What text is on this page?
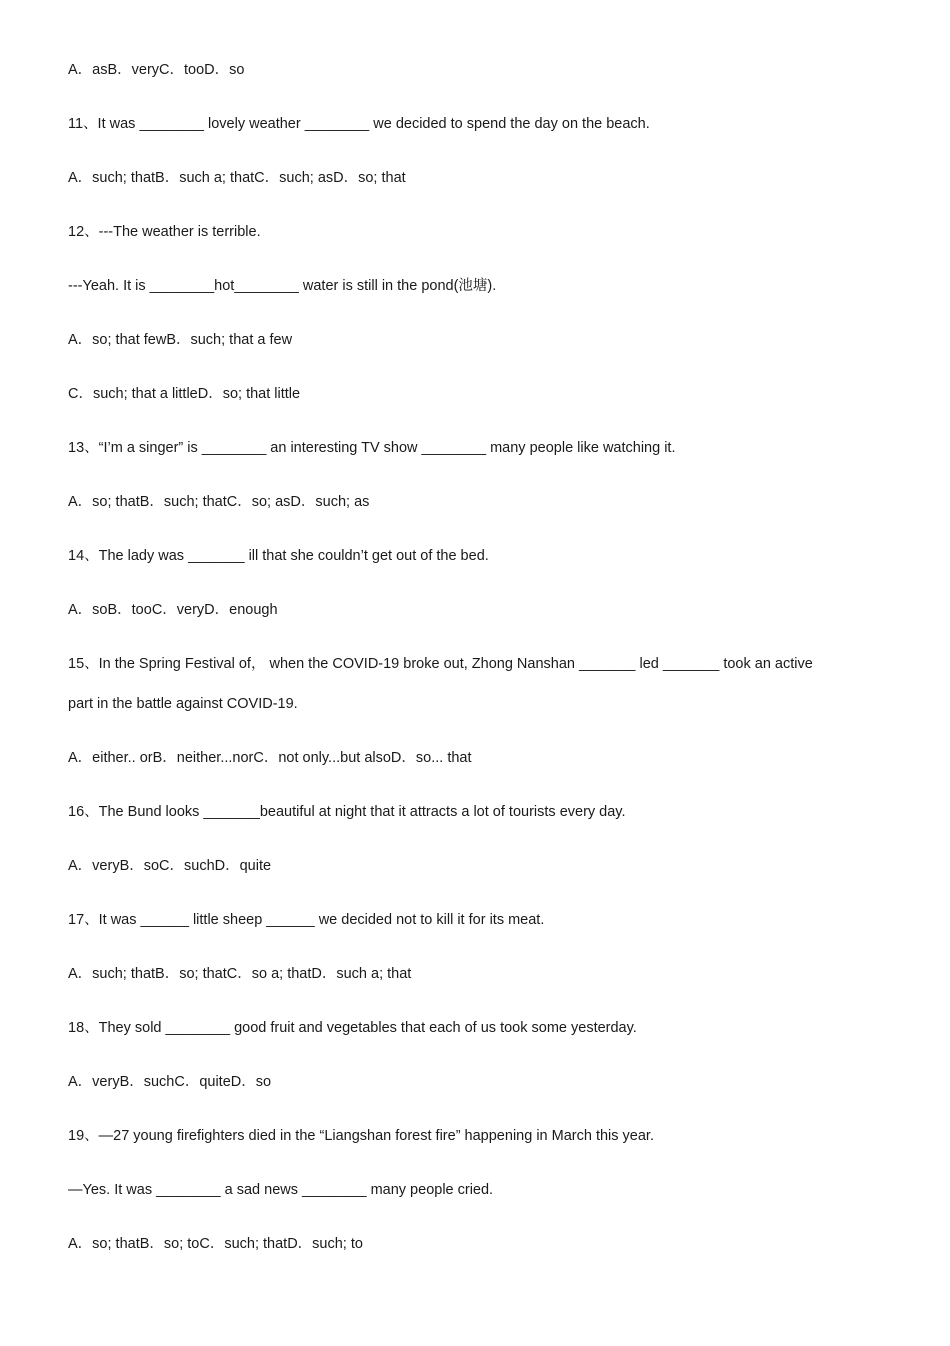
A．asB．veryC．tooD．so
11、It was ________ lovely weather ________ we decided to spend the day on the beach.
A．such; thatB．such a; thatC．such; asD．so; that
12、---The weather is terrible.
---Yeah. It is ________hot________ water is still in the pond(池塘).
A．so; that fewB．such; that a few
C．such; that a littleD．so; that little
13、“I’m a singer” is ________ an interesting TV show ________ many people like watching it.
A．so; thatB．such; thatC．so; asD．such; as
14、The lady was _______ ill that she couldn’t get out of the bed.
A．soB．tooC．veryD．enough
15、In the Spring Festival of， when the COVID-19 broke out, Zhong Nanshan _______ led _______ took an active
part in the battle against COVID-19.
A．either.. orB．neither...norC．not only...but alsoD．so... that
16、The Bund looks _______beautiful at night that it attracts a lot of tourists every day.
A．veryB．soC．suchD．quite
17、It was ______ little sheep ______ we decided not to kill it for its meat.
A．such; thatB．so; thatC．so a; thatD．such a; that
18、They sold ________ good fruit and vegetables that each of us took some yesterday.
A．veryB．suchC．quiteD．so
19、—27 young firefighters died in the “Liangshan forest fire” happening in March this year.
—Yes. It was ________ a sad news ________ many people cried.
A．so; thatB．so; toC．such; thatD．such; to
